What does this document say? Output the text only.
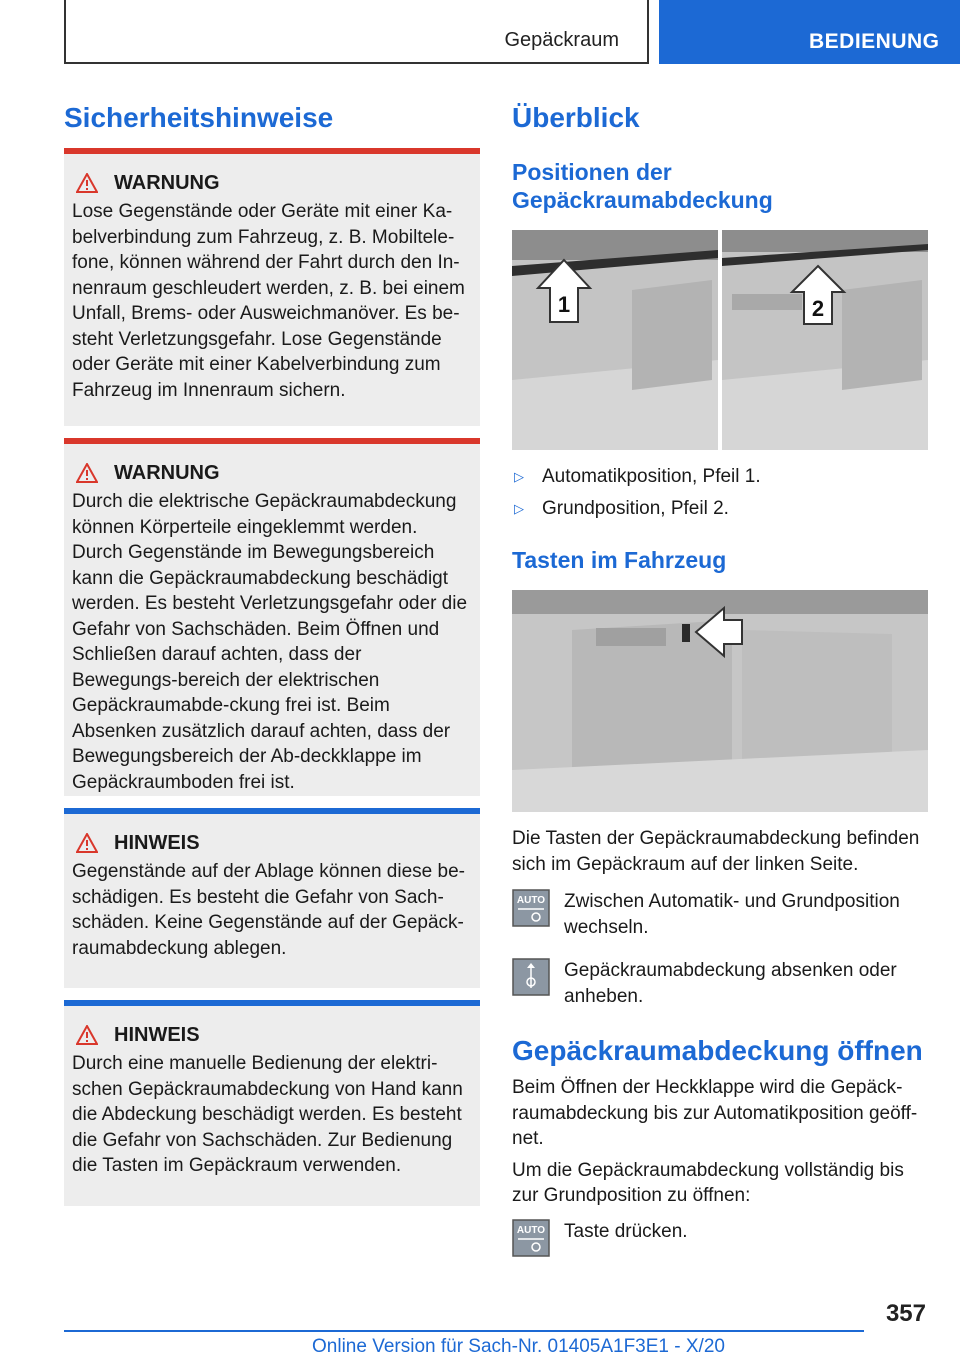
Gepäckraum	BEDIENUNG
Sicherheitshinweise
WARNUNG
Lose Gegenstände oder Geräte mit einer Ka-belverbindung zum Fahrzeug, z. B. Mobiltele-fone, können während der Fahrt durch den In-nenraum geschleudert werden, z. B. bei einem Unfall, Brems- oder Ausweichmanöver. Es be-steht Verletzungsgefahr. Lose Gegenstände oder Geräte mit einer Kabelverbindung zum Fahrzeug im Innenraum sichern.
WARNUNG
Durch die elektrische Gepäckraumabdeckung können Körperteile eingeklemmt werden. Durch Gegenstände im Bewegungsbereich kann die Gepäckraumabdeckung beschädigt werden. Es besteht Verletzungsgefahr oder die Gefahr von Sachschäden. Beim Öffnen und Schließen darauf achten, dass der Bewegungs-bereich der elektrischen Gepäckraumabde-ckung frei ist. Beim Absenken zusätzlich darauf achten, dass der Bewegungsbereich der Ab-deckklappe im Gepäckraumboden frei ist.
HINWEIS
Gegenstände auf der Ablage können diese be-schädigen. Es besteht die Gefahr von Sach-schäden. Keine Gegenstände auf der Gepäck-raumabdeckung ablegen.
HINWEIS
Durch eine manuelle Bedienung der elektri-schen Gepäckraumabdeckung von Hand kann die Abdeckung beschädigt werden. Es besteht die Gefahr von Sachschäden. Zur Bedienung die Tasten im Gepäckraum verwenden.
Überblick
Positionen der Gepäckraumabdeckung
1	2
▷ Automatikposition, Pfeil 1.
▷ Grundposition, Pfeil 2.
Tasten im Fahrzeug

Die Tasten der Gepäckraumabdeckung befinden sich im Gepäckraum auf der linken Seite.

AUTO Zwischen Automatik- und Grundposition wechseln.

Gepäckraumabdeckung absenken oder anheben.

Gepäckraumabdeckung öffnen

Beim Öffnen der Heckklappe wird die Gepäck-raumabdeckung bis zur Automatikposition geöff-net.

Um die Gepäckraumabdeckung vollständig bis zur Grundposition zu öffnen:

AUTO Taste drücken.

357
Online Version für Sach-Nr. 01405A1F3E1 - X/20
